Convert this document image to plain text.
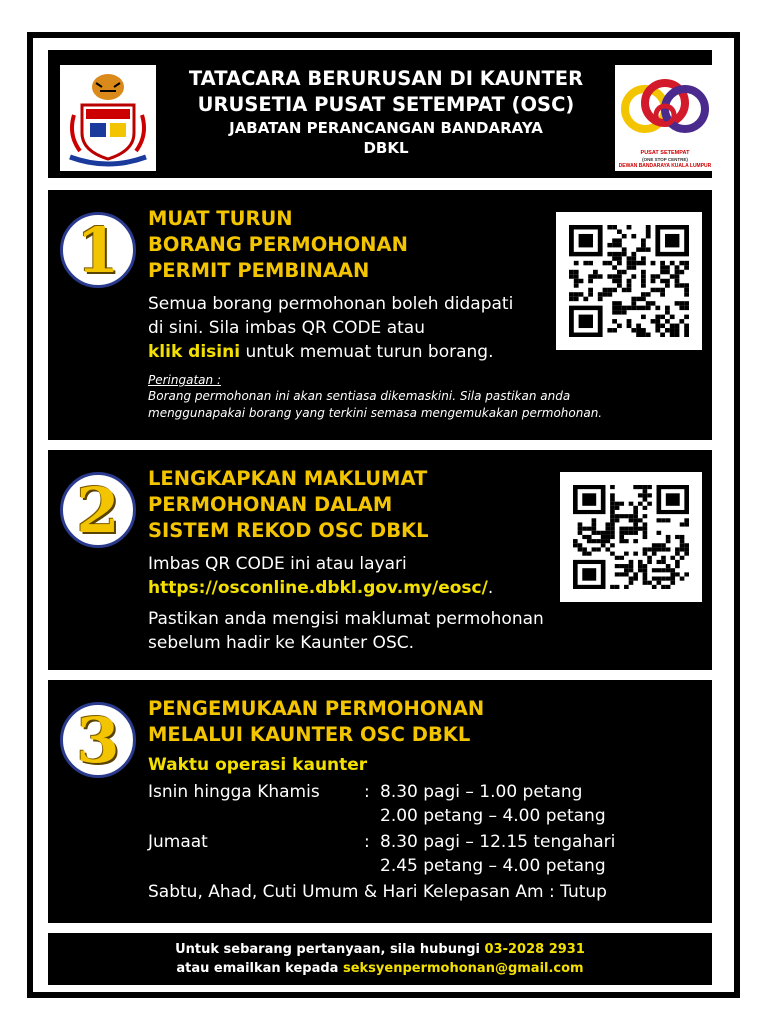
TATACARA BERURUSAN DI KAUNTER
URUSETIA PUSAT SETEMPAT (OSC)
JABATAN PERANCANGAN BANDARAYA
DBKL	PUSAT SETEMPAT
(ONE STOP CENTRE)
DEWAN BANDARAYA KUALA LUMPUR
1	MUAT TURUN
BORANG PERMOHONAN
PERMIT PEMBINAAN
Semua borang permohonan boleh didapati
di sini. Sila imbas QR CODE atau
klik disini untuk memuat turun borang.
Peringatan :
Borang permohonan ini akan sentiasa dikemaskini. Sila pastikan anda
menggunapakai borang yang terkini semasa mengemukakan permohonan.
2	LENGKAPKAN MAKLUMAT
PERMOHONAN DALAM
SISTEM REKOD OSC DBKL
Imbas QR CODE ini atau layari
https://osconline.dbkl.gov.my/eosc/.
Pastikan anda mengisi maklumat permohonan
sebelum hadir ke Kaunter OSC.
3	PENGEMUKAAN PERMOHONAN
MELALUI KAUNTER OSC DBKL
Waktu operasi kaunter
Isnin hingga Khamis	: 8.30 pagi – 1.00 petang
2.00 petang – 4.00 petang
Jumaat	: 8.30 pagi – 12.15 tengahari
2.45 petang – 4.00 petang
Sabtu, Ahad, Cuti Umum & Hari Kelepasan Am : Tutup
Untuk sebarang pertanyaan, sila hubungi 03-2028 2931
atau emailkan kepada seksyenpermohonan@gmail.com
